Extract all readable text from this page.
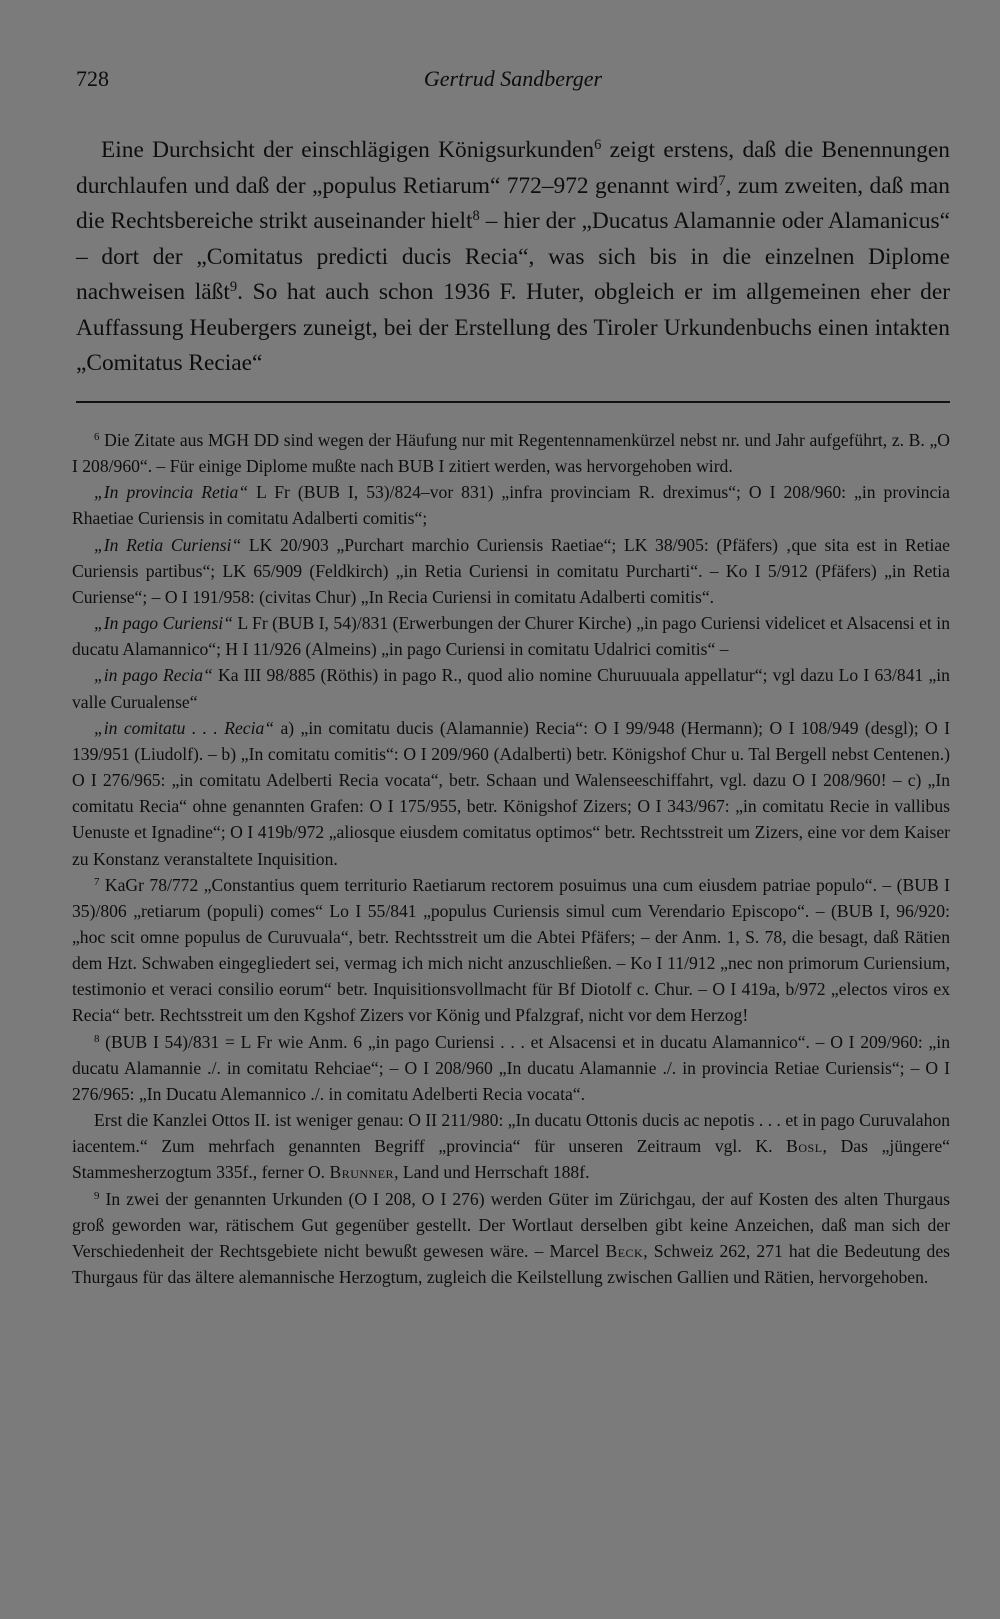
728	Gertrud Sandberger

Eine Durchsicht der einschlägigen Königsurkunden$^6$ zeigt erstens, daß die Benennungen durchlaufen und daß der „populus Retiarum“ 772–972 genannt wird$^7$, zum zweiten, daß man die Rechtsbereiche strikt auseinander hielt$^8$ – hier der „Ducatus Alamannie oder Alamanicus“ – dort der „Comitatus predicti ducis Recia“, was sich bis in die einzelnen Diplome nachweisen läßt$^9$. So hat auch schon 1936 F. Huter, obgleich er im allgemeinen eher der Auffassung Heubergers zuneigt, bei der Erstellung des Tiroler Urkundenbuchs einen intakten „Comitatus Reciae“

$^6$ Die Zitate aus MGH DD sind wegen der Häufung nur mit Regentennamenkürzel nebst nr. und Jahr aufgeführt, z. B. „O I 208/960“. – Für einige Diplome mußte nach BUB I zitiert werden, was hervorgehoben wird.

„In provincia Retia“ L Fr (BUB I, 53)/824–vor 831) „infra provinciam R. dreximus“; O I 208/960: „in provincia Rhaetiae Curiensis in comitatu Adalberti comitis“;

„In Retia Curiensi“ LK 20/903 „Purchart marchio Curiensis Raetiae“; LK 38/905: (Pfäfers) ‚que sita est in Retiae Curiensis partibus“; LK 65/909 (Feldkirch) „in Retia Curiensi in comitatu Purcharti“. – Ko I 5/912 (Pfäfers) „in Retia Curiense“; – O I 191/958: (civitas Chur) „In Recia Curiensi in comitatu Adalberti comitis“.

„In pago Curiensi“ L Fr (BUB I, 54)/831 (Erwerbungen der Churer Kirche) „in pago Curiensi videlicet et Alsacensi et in ducatu Alamannico“; H I 11/926 (Almeins) „in pago Curiensi in comitatu Udalrici comitis“ –

„in pago Recia“ Ka III 98/885 (Röthis) in pago R., quod alio nomine Churuuuala appellatur“; vgl dazu Lo I 63/841 „in valle Curualense“

„in comitatu . . . Recia“ a) „in comitatu ducis (Alamannie) Recia“: O I 99/948 (Hermann); O I 108/949 (desgl); O I 139/951 (Liudolf). – b) „In comitatu comitis“: O I 209/960 (Adalberti) betr. Königshof Chur u. Tal Bergell nebst Centenen.) O I 276/965: „in comitatu Adelberti Recia vocata“, betr. Schaan und Walenseeschiffahrt, vgl. dazu O I 208/960! – c) „In comitatu Recia“ ohne genannten Grafen: O I 175/955, betr. Königshof Zizers; O I 343/967: „in comitatu Recie in vallibus Uenuste et Ignadine“; O I 419b/972 „aliosque eiusdem comitatus optimos“ betr. Rechtsstreit um Zizers, eine vor dem Kaiser zu Konstanz veranstaltete Inquisition.

$^7$ KaGr 78/772 „Constantius quem territurio Raetiarum rectorem posuimus una cum eiusdem patriae populo“. – (BUB I 35)/806 „retiarum (populi) comes“ Lo I 55/841 „populus Curiensis simul cum Verendario Episcopo“. – (BUB I, 96/920: „hoc scit omne populus de Curuvuala“, betr. Rechtsstreit um die Abtei Pfäfers; – der Anm. 1, S. 78, die besagt, daß Rätien dem Hzt. Schwaben eingegliedert sei, vermag ich mich nicht anzuschließen. – Ko I 11/912 „nec non primorum Curiensium, testimonio et veraci consilio eorum“ betr. Inquisitionsvollmacht für Bf Diotolf c. Chur. – O I 419a, b/972 „electos viros ex Recia“ betr. Rechtsstreit um den Kgshof Zizers vor König und Pfalzgraf, nicht vor dem Herzog!

$^8$ (BUB I 54)/831 = L Fr wie Anm. 6 „in pago Curiensi . . . et Alsacensi et in ducatu Alamannico“. – O I 209/960: „in ducatu Alamannie ./. in comitatu Rehciae“; – O I 208/960 „In ducatu Alamannie ./. in provincia Retiae Curiensis“; – O I 276/965: „In Ducatu Alemannico ./. in comitatu Adelberti Recia vocata“.

Erst die Kanzlei Ottos II. ist weniger genau: O II 211/980: „In ducatu Ottonis ducis ac nepotis . . . et in pago Curuvalahon iacentem.“ Zum mehrfach genannten Begriff „provincia“ für unseren Zeitraum vgl. K. Bosl, Das „jüngere“ Stammesherzogtum 335f., ferner O. Brunner, Land und Herrschaft 188f.

$^9$ In zwei der genannten Urkunden (O I 208, O I 276) werden Güter im Zürichgau, der auf Kosten des alten Thurgaus groß geworden war, rätischem Gut gegenüber gestellt. Der Wortlaut derselben gibt keine Anzeichen, daß man sich der Verschiedenheit der Rechtsgebiete nicht bewußt gewesen wäre. – Marcel Beck, Schweiz 262, 271 hat die Bedeutung des Thurgaus für das ältere alemannische Herzogtum, zugleich die Keilstellung zwischen Gallien und Rätien, hervorgehoben.
